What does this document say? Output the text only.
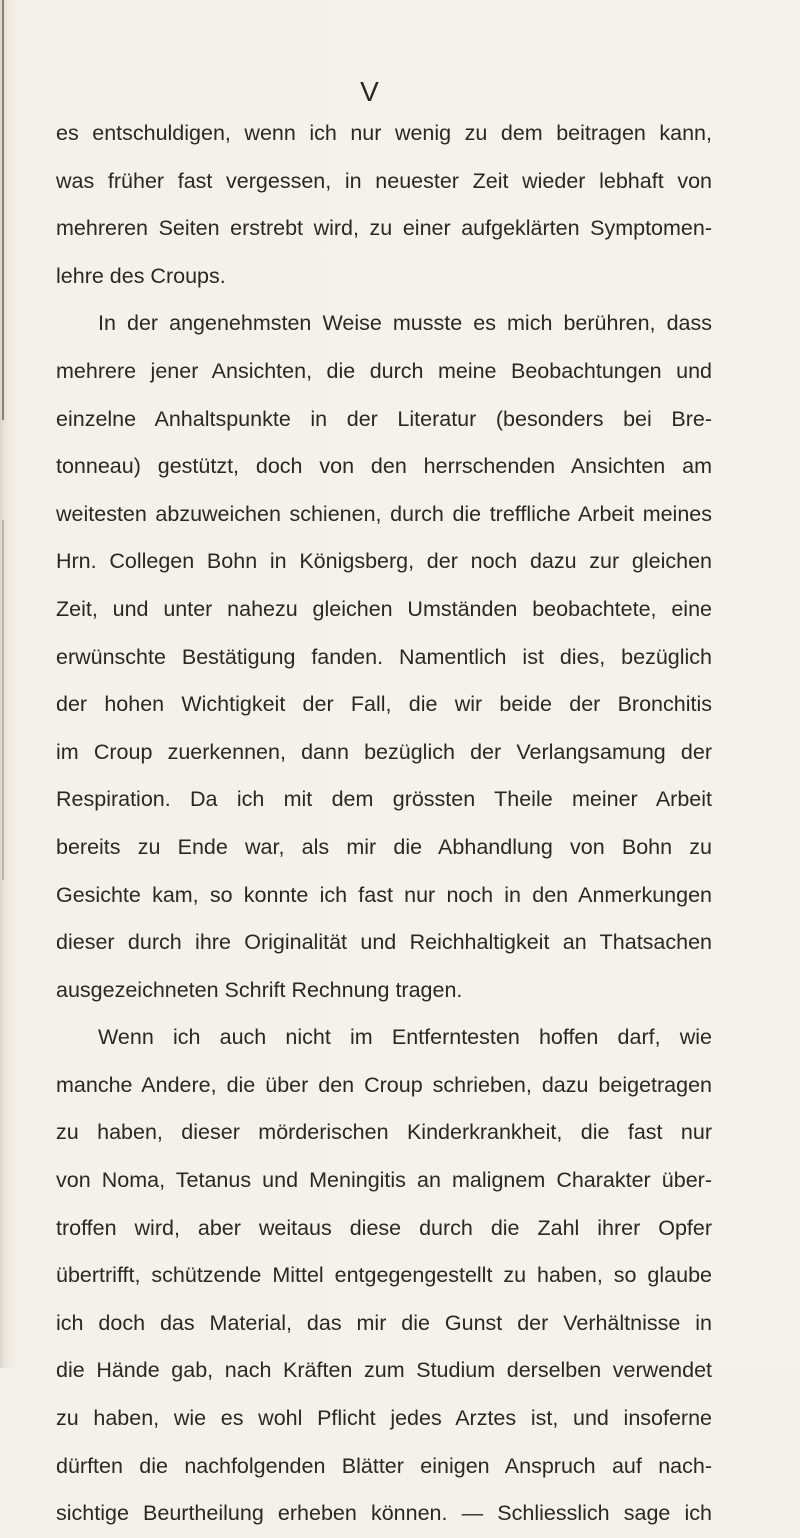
V
es entschuldigen, wenn ich nur wenig zu dem beitragen kann,
was früher fast vergessen, in neuester Zeit wieder lebhaft von
mehreren Seiten erstrebt wird, zu einer aufgeklärten Symptomen-
lehre des Croups.
In der angenehmsten Weise musste es mich berühren, dass
mehrere jener Ansichten, die durch meine Beobachtungen und
einzelne Anhaltspunkte in der Literatur (besonders bei Bre-
tonneau) gestützt, doch von den herrschenden Ansichten am
weitesten abzuweichen schienen, durch die treffliche Arbeit meines
Hrn. Collegen Bohn in Königsberg, der noch dazu zur gleichen
Zeit, und unter nahezu gleichen Umständen beobachtete, eine
erwünschte Bestätigung fanden. Namentlich ist dies, bezüglich
der hohen Wichtigkeit der Fall, die wir beide der Bronchitis
im Croup zuerkennen, dann bezüglich der Verlangsamung der
Respiration. Da ich mit dem grössten Theile meiner Arbeit
bereits zu Ende war, als mir die Abhandlung von Bohn zu
Gesichte kam, so konnte ich fast nur noch in den Anmerkungen
dieser durch ihre Originalität und Reichhaltigkeit an Thatsachen
ausgezeichneten Schrift Rechnung tragen.
Wenn ich auch nicht im Entferntesten hoffen darf, wie
manche Andere, die über den Croup schrieben, dazu beigetragen
zu haben, dieser mörderischen Kinderkrankheit, die fast nur
von Noma, Tetanus und Meningitis an malignem Charakter über-
troffen wird, aber weitaus diese durch die Zahl ihrer Opfer
übertrifft, schützende Mittel entgegengestellt zu haben, so glaube
ich doch das Material, das mir die Gunst der Verhältnisse in
die Hände gab, nach Kräften zum Studium derselben verwendet
zu haben, wie es wohl Pflicht jedes Arztes ist, und insoferne
dürften die nachfolgenden Blätter einigen Anspruch auf nach-
sichtige Beurtheilung erheben können. — Schliesslich sage ich
